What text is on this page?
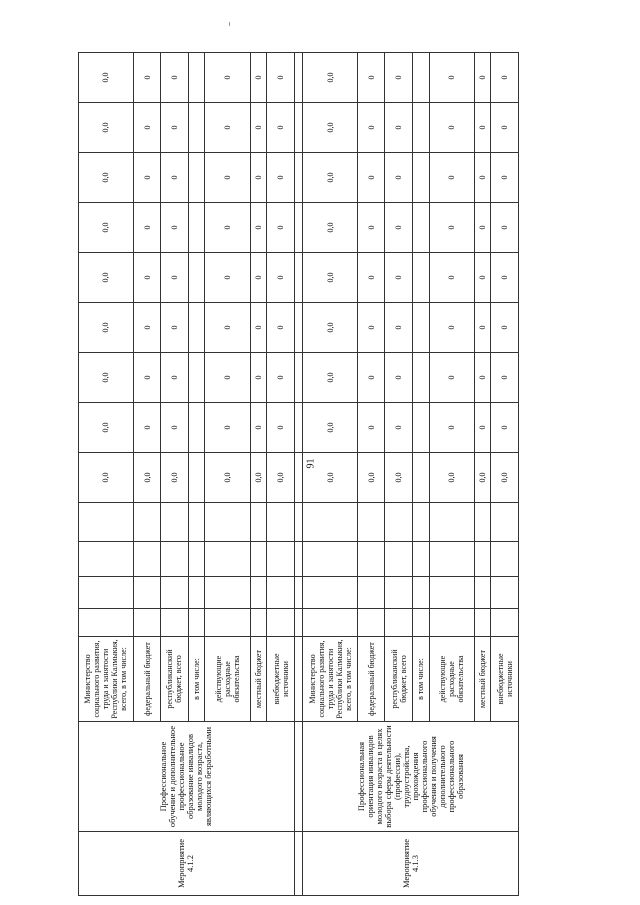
Мероприятие 4.1.2	Профессиональное обучение и дополнительное профессиональное образование инвалидов молодого возраста, являющихся безработными	Министерство социального развития, труда и занятости Республики Калмыкия, всего, в том числе:					0,0	0,0	0,0	0,0	0,0	0,0	0,0	0,0	0,0
		федеральный бюджет					0,0	0	0	0	0	0	0	0	0
		республиканский бюджет, всего					0,0	0	0	0	0	0	0	0	0
		в том числе:													
		действующие расходные обязательства					0,0	0	0	0	0	0	0	0	0
		местный бюджет					0,0	0	0	0	0	0	0	0	0
		внебюджетные источники					0,0	0	0	0	0	0	0	0	0

Мероприятие 4.1.3	Профессиональная ориентация инвалидов молодого возраста в целях выбора сферы деятельности (профессии), трудоустройства, прохождения профессионального обучения и получения дополнительного профессионального образования	Министерство социального развития, труда и занятости Республики Калмыкия, всего, в том числе:					0,0	0,0	0,0	0,0	0,0	0,0	0,0	0,0	0,0
		федеральный бюджет					0,0	0	0	0	0	0	0	0	0
		республиканский бюджет, всего					0,0	0	0	0	0	0	0	0	0
		в том числе:													
		действующие расходные обязательства					0,0	0	0	0	0	0	0	0	0
		местный бюджет					0,0	0	0	0	0	0	0	0	0
		внебюджетные источники					0,0	0	0	0	0	0	0	0	0
91
